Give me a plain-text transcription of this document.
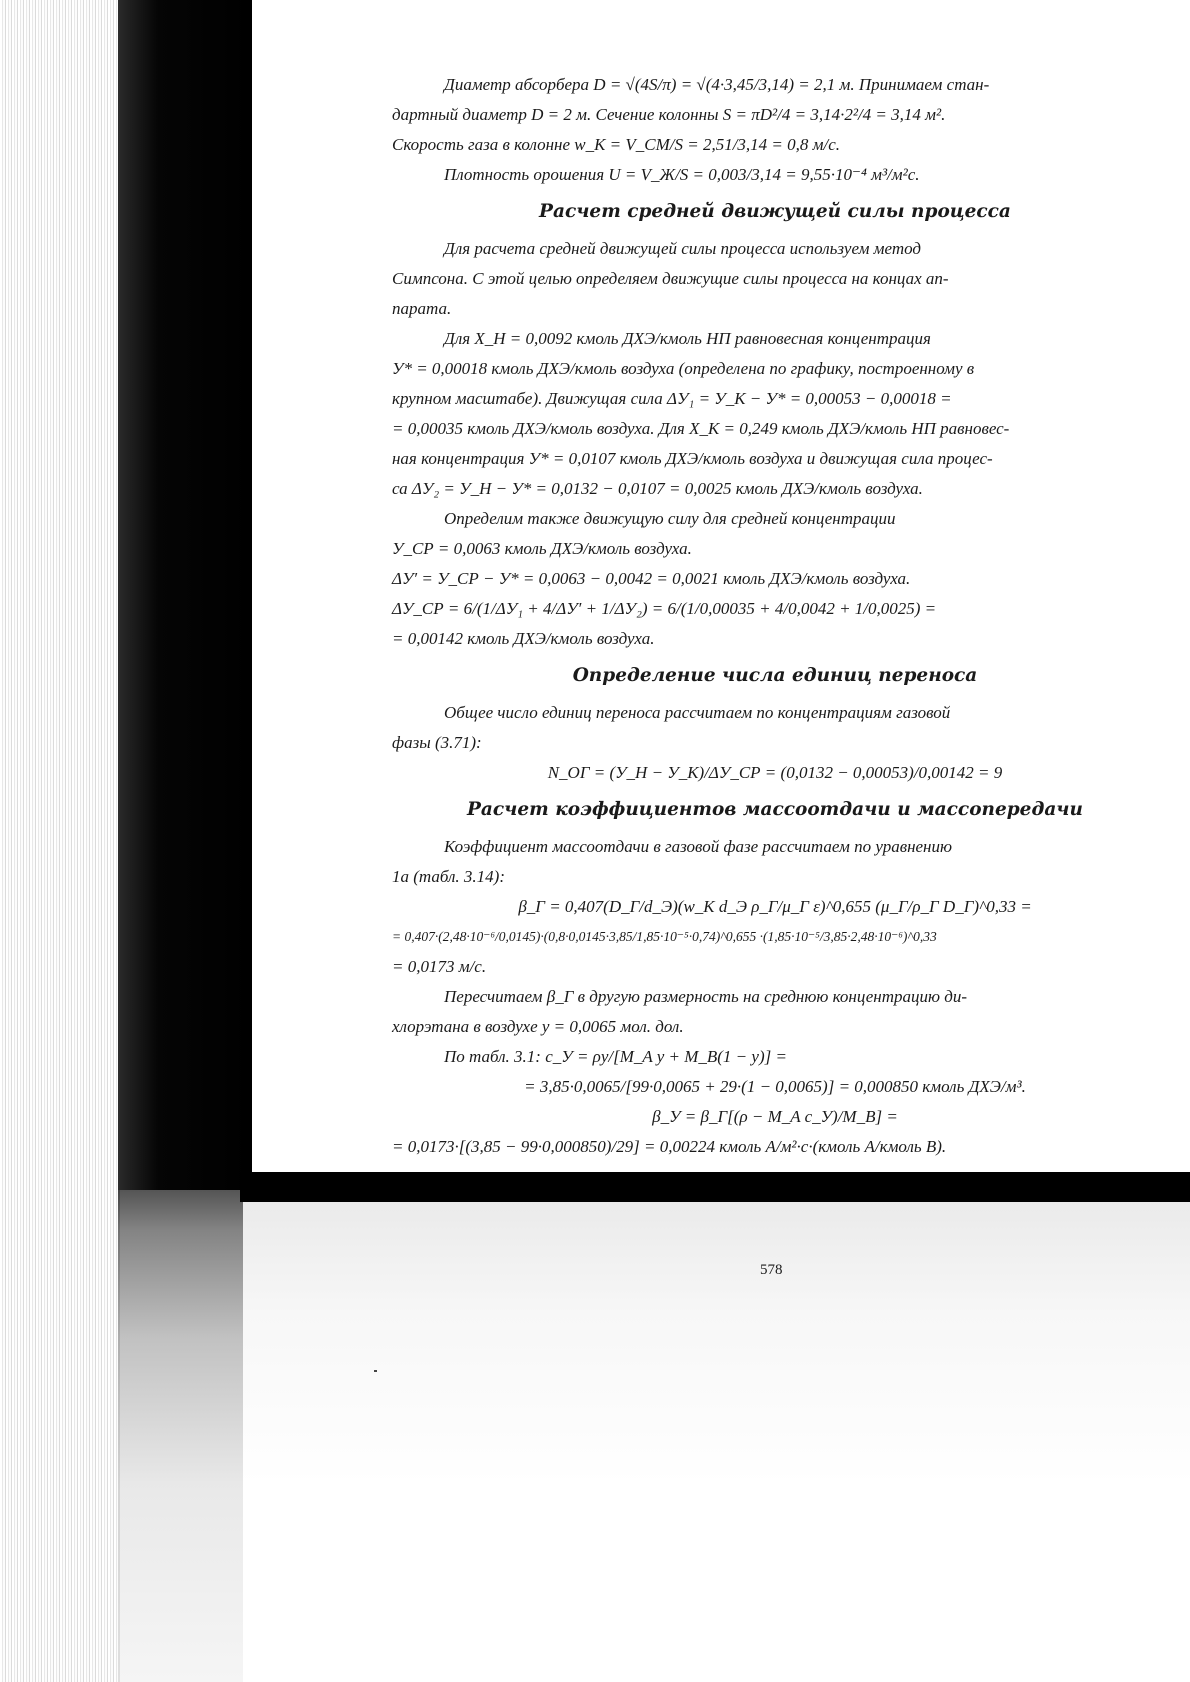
Диаметр абсорбера D = √(4S/π) = √(4·3,45/3,14) = 2,1 м. Принимаем стан-
дартный диаметр D = 2 м. Сечение колонны S = πD²/4 = 3,14·2²/4 = 3,14 м².
Скорость газа в колонне w_К = V_СМ/S = 2,51/3,14 = 0,8 м/с.
Плотность орошения U = V_Ж/S = 0,003/3,14 = 9,55·10⁻⁴ м³/м²с.
Расчет средней движущей силы процесса
Для расчета средней движущей силы процесса используем метод
Симпсона. С этой целью определяем движущие силы процесса на концах ап-
парата.
Для X_Н = 0,0092 кмоль ДХЭ/кмоль НП равновесная концентрация
У* = 0,00018 кмоль ДХЭ/кмоль воздуха (определена по графику, построенному в
крупном масштабе). Движущая сила ΔУ₁ = У_К − У* = 0,00053 − 0,00018 =
= 0,00035 кмоль ДХЭ/кмоль воздуха. Для X_К = 0,249 кмоль ДХЭ/кмоль НП равновес-
ная концентрация У* = 0,0107 кмоль ДХЭ/кмоль воздуха и движущая сила процес-
са ΔУ₂ = У_Н − У* = 0,0132 − 0,0107 = 0,0025 кмоль ДХЭ/кмоль воздуха.
Определим также движущую силу для средней концентрации
У_СР = 0,0063 кмоль ДХЭ/кмоль воздуха.
ΔУ′ = У_СР − У* = 0,0063 − 0,0042 = 0,0021 кмоль ДХЭ/кмоль воздуха.
ΔУ_СР = 6/(1/ΔУ₁ + 4/ΔУ′ + 1/ΔУ₂) = 6/(1/0,00035 + 4/0,0042 + 1/0,0025) =
= 0,00142 кмоль ДХЭ/кмоль воздуха.
Определение числа единиц переноса
Общее число единиц переноса рассчитаем по концентрациям газовой
фазы (3.71):
N_ОГ = (У_Н − У_К)/ΔУ_СР = (0,0132 − 0,00053)/0,00142 = 9
Расчет коэффициентов массоотдачи и массопередачи
Коэффициент массоотдачи в газовой фазе рассчитаем по уравнению
1а (табл. 3.14):
β_Г = 0,407(D_Г/d_Э)(w_К d_Э ρ_Г/μ_Г ε)^0,655 (μ_Г/ρ_Г D_Г)^0,33 =
= 0,407·(2,48·10⁻⁶/0,0145)·(0,8·0,0145·3,85/1,85·10⁻⁵·0,74)^0,655 ·(1,85·10⁻⁵/3,85·2,48·10⁻⁶)^0,33
= 0,0173 м/с.
Пересчитаем β_Г в другую размерность на среднюю концентрацию ди-
хлорэтана в воздухе y = 0,0065 мол. дол.
По табл. 3.1: c_У = ρy/[M_A y + M_B(1 − y)] =
= 3,85·0,0065/[99·0,0065 + 29·(1 − 0,0065)] = 0,000850 кмоль ДХЭ/м³.
β_У = β_Г[(ρ − M_A c_У)/M_B] =
= 0,0173·[(3,85 − 99·0,000850)/29] = 0,00224 кмоль А/м²·с·(кмоль А/кмоль В).
578
